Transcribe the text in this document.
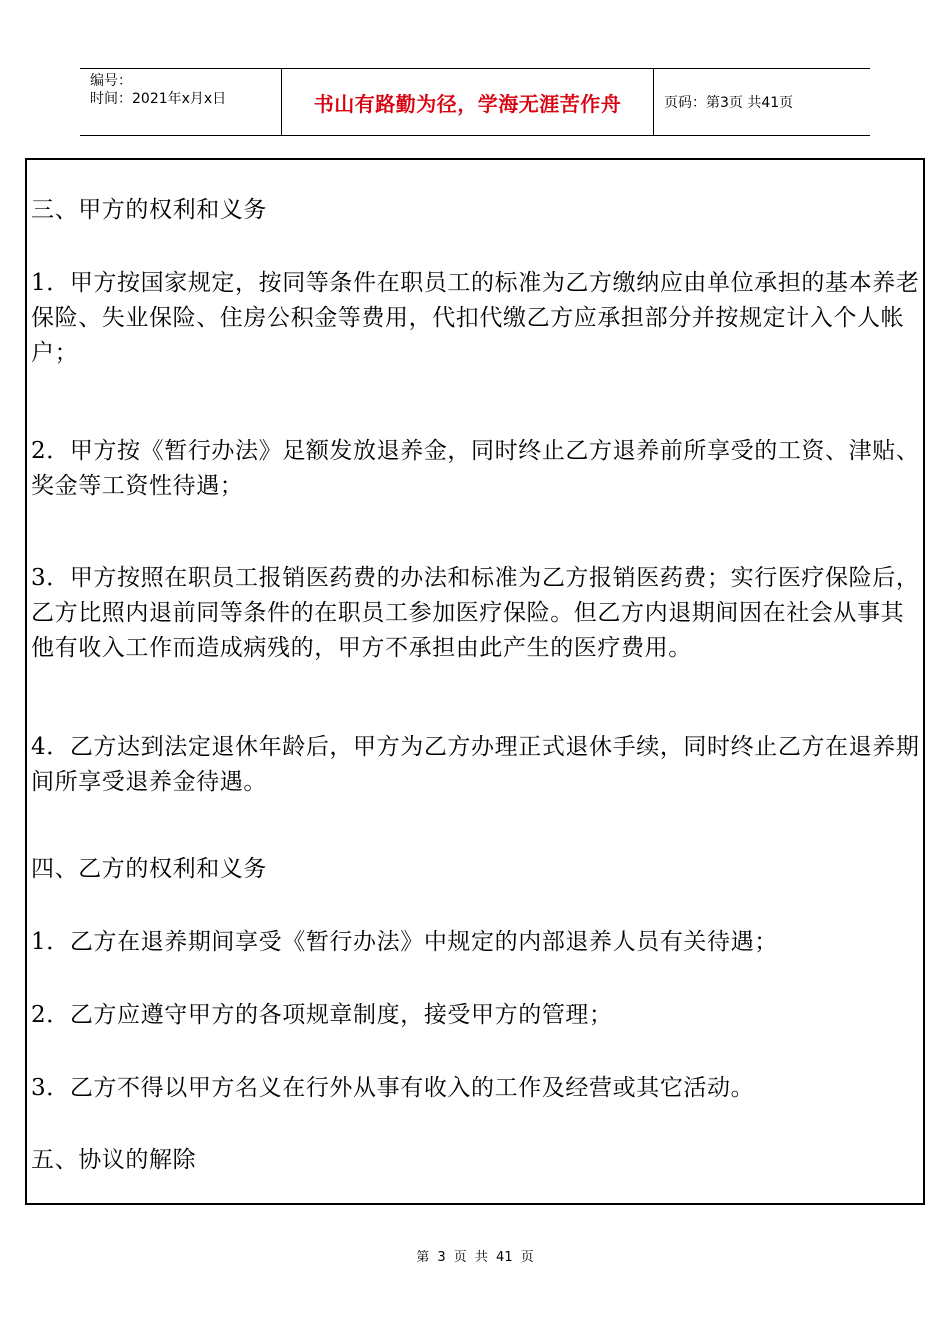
编号：
时间：2021年x月x日	书山有路勤为径，学海无涯苦作舟	页码：第3页 共41页

三、甲方的权利和义务

1．甲方按国家规定，按同等条件在职员工的标准为乙方缴纳应由单位承担的基本养老保险、失业保险、住房公积金等费用，代扣代缴乙方应承担部分并按规定计入个人帐户；

2．甲方按《暂行办法》足额发放退养金，同时终止乙方退养前所享受的工资、津贴、奖金等工资性待遇；

3．甲方按照在职员工报销医药费的办法和标准为乙方报销医药费；实行医疗保险后，乙方比照内退前同等条件的在职员工参加医疗保险。但乙方内退期间因在社会从事其他有收入工作而造成病残的，甲方不承担由此产生的医疗费用。

4．乙方达到法定退休年龄后，甲方为乙方办理正式退休手续，同时终止乙方在退养期间所享受退养金待遇。

四、乙方的权利和义务

1．乙方在退养期间享受《暂行办法》中规定的内部退养人员有关待遇；

2．乙方应遵守甲方的各项规章制度，接受甲方的管理；

3．乙方不得以甲方名义在行外从事有收入的工作及经营或其它活动。

五、协议的解除

第 3 页 共 41 页
